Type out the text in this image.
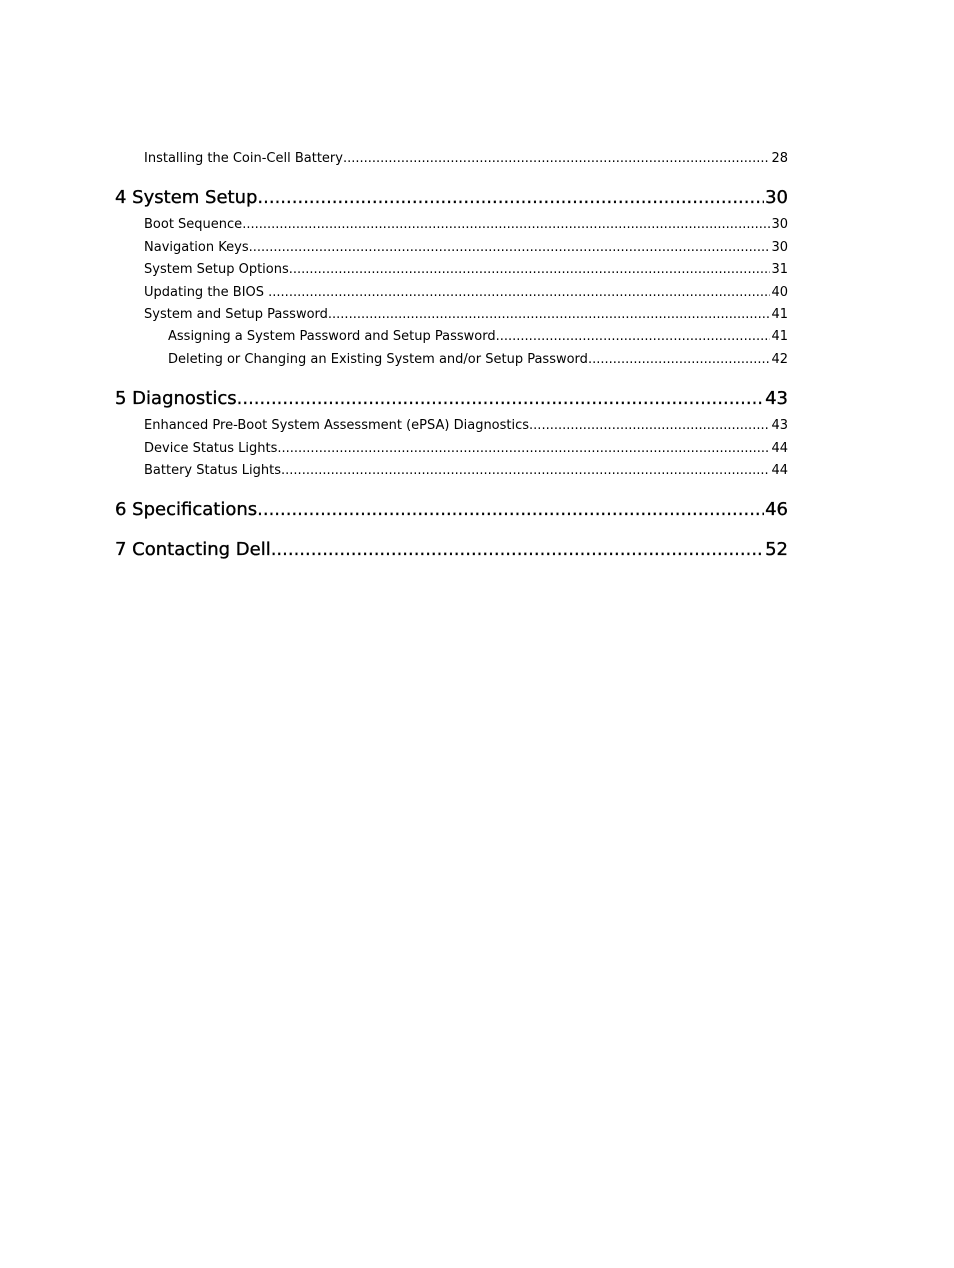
Installing the Coin-Cell Battery .....	28
4 System Setup .....	30
Boot Sequence .....	30
Navigation Keys .....	30
System Setup Options .....	31
Updating the BIOS .....	40
System and Setup Password .....	41
Assigning a System Password and Setup Password .....	41
Deleting or Changing an Existing System and/or Setup Password .....	42
5 Diagnostics .....	43
Enhanced Pre-Boot System Assessment (ePSA) Diagnostics .....	43
Device Status Lights .....	44
Battery Status Lights .....	44
6 Specifications .....	46
7 Contacting Dell .....	52
